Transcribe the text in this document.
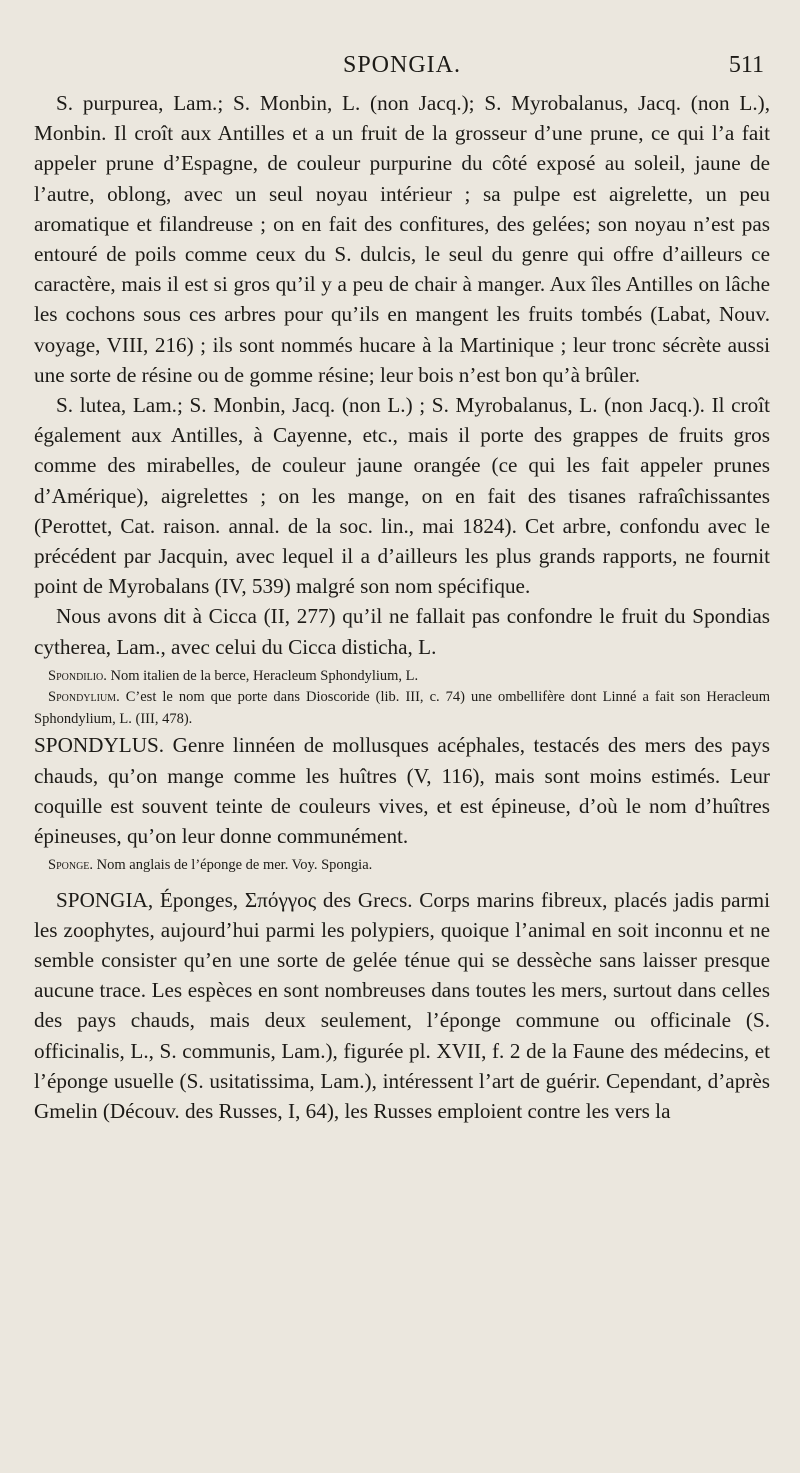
SPONGIA.	511

S. purpurea, Lam.; S. Monbin, L. (non Jacq.); S. Myrobalanus, Jacq. (non L.), Monbin. Il croît aux Antilles et a un fruit de la grosseur d’une prune, ce qui l’a fait appeler prune d’Espagne, de couleur purpurine du côté exposé au soleil, jaune de l’autre, oblong, avec un seul noyau intérieur ; sa pulpe est aigrelette, un peu aromatique et filandreuse ; on en fait des confitures, des gelées; son noyau n’est pas entouré de poils comme ceux du S. dulcis, le seul du genre qui offre d’ailleurs ce caractère, mais il est si gros qu’il y a peu de chair à manger. Aux îles Antilles on lâche les cochons sous ces arbres pour qu’ils en mangent les fruits tombés (Labat, Nouv. voyage, VIII, 216) ; ils sont nommés hucare à la Martinique ; leur tronc sécrète aussi une sorte de résine ou de gomme résine; leur bois n’est bon qu’à brûler.

S. lutea, Lam.; S. Monbin, Jacq. (non L.) ; S. Myrobalanus, L. (non Jacq.). Il croît également aux Antilles, à Cayenne, etc., mais il porte des grappes de fruits gros comme des mirabelles, de couleur jaune orangée (ce qui les fait appeler prunes d’Amérique), aigrelettes ; on les mange, on en fait des tisanes rafraîchissantes (Perottet, Cat. raison. annal. de la soc. lin., mai 1824). Cet arbre, confondu avec le précédent par Jacquin, avec lequel il a d’ailleurs les plus grands rapports, ne fournit point de Myrobalans (IV, 539) malgré son nom spécifique.

Nous avons dit à Cicca (II, 277) qu’il ne fallait pas confondre le fruit du Spondias cytherea, Lam., avec celui du Cicca disticha, L.

Spondilio. Nom italien de la berce, Heracleum Sphondylium, L.

Spondylium. C’est le nom que porte dans Dioscoride (lib. III, c. 74) une ombellifère dont Linné a fait son Heracleum Sphondylium, L. (III, 478).

SPONDYLUS. Genre linnéen de mollusques acéphales, testacés des mers des pays chauds, qu’on mange comme les huîtres (V, 116), mais sont moins estimés. Leur coquille est souvent teinte de couleurs vives, et est épineuse, d’où le nom d’huîtres épineuses, qu’on leur donne communément.

Sponge. Nom anglais de l’éponge de mer. Voy. Spongia.

SPONGIA, Éponges, Σπόγγος des Grecs. Corps marins fibreux, placés jadis parmi les zoophytes, aujourd’hui parmi les polypiers, quoique l’animal en soit inconnu et ne semble consister qu’en une sorte de gelée ténue qui se dessèche sans laisser presque aucune trace. Les espèces en sont nombreuses dans toutes les mers, surtout dans celles des pays chauds, mais deux seulement, l’éponge commune ou officinale (S. officinalis, L., S. communis, Lam.), figurée pl. XVII, f. 2 de la Faune des médecins, et l’éponge usuelle (S. usitatissima, Lam.), intéressent l’art de guérir. Cependant, d’après Gmelin (Découv. des Russes, I, 64), les Russes emploient contre les vers la
